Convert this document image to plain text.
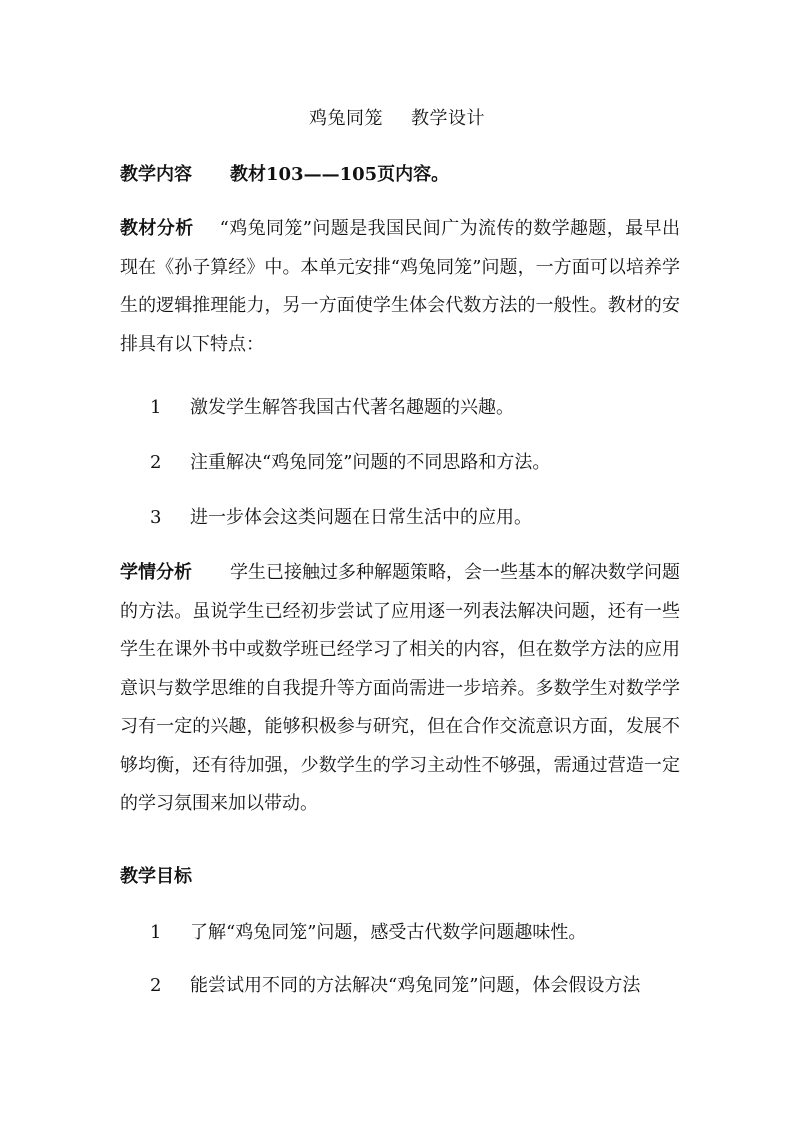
鸡兔同笼 教学设计
教学内容 教材103——105页内容。
教材分析 “鸡兔同笼”问题是我国民间广为流传的数学趣题，最早出现在《孙子算经》中。本单元安排“鸡兔同笼”问题，一方面可以培养学生的逻辑推理能力，另一方面使学生体会代数方法的一般性。教材的安排具有以下特点：
1 激发学生解答我国古代著名趣题的兴趣。
2 注重解决“鸡兔同笼”问题的不同思路和方法。
3 进一步体会这类问题在日常生活中的应用。
学情分析 学生已接触过多种解题策略，会一些基本的解决数学问题的方法。虽说学生已经初步尝试了应用逐一列表法解决问题，还有一些学生在课外书中或数学班已经学习了相关的内容，但在数学方法的应用意识与数学思维的自我提升等方面尚需进一步培养。多数学生对数学学习有一定的兴趣，能够积极参与研究，但在合作交流意识方面，发展不够均衡，还有待加强，少数学生的学习主动性不够强，需通过营造一定的学习氛围来加以带动。
教学目标
1 了解“鸡兔同笼”问题，感受古代数学问题趣味性。
2 能尝试用不同的方法解决“鸡兔同笼”问题，体会假设方法
